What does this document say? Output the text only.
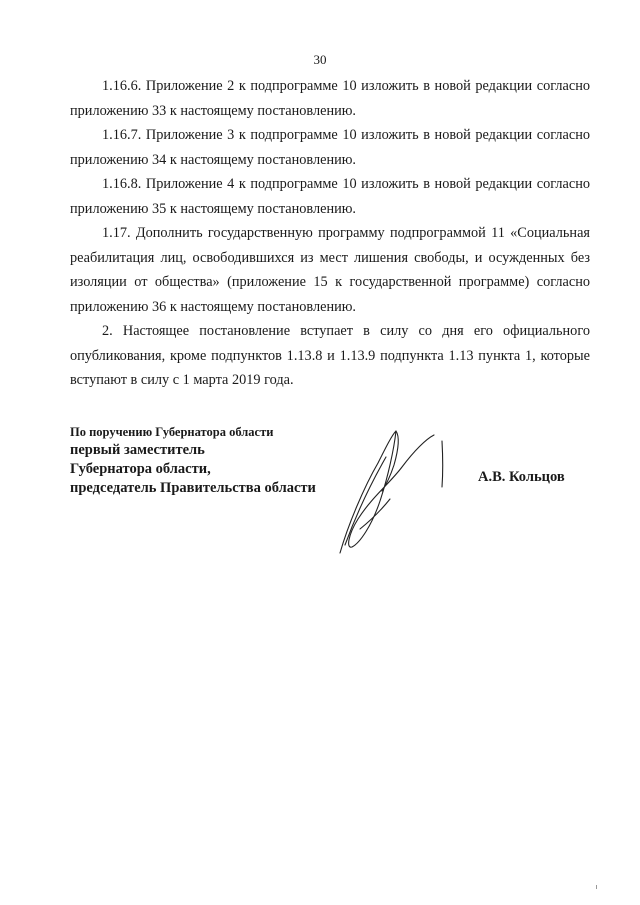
30

1.16.6. Приложение 2 к подпрограмме 10 изложить в новой редакции согласно приложению 33 к настоящему постановлению.

1.16.7. Приложение 3 к подпрограмме 10 изложить в новой редакции согласно приложению 34 к настоящему постановлению.

1.16.8. Приложение 4 к подпрограмме 10 изложить в новой редакции согласно приложению 35 к настоящему постановлению.

1.17. Дополнить государственную программу подпрограммой 11 «Социальная реабилитация лиц, освободившихся из мест лишения свободы, и осужденных без изоляции от общества» (приложение 15 к государственной программе) согласно приложению 36 к настоящему постановлению.

2. Настоящее постановление вступает в силу со дня его официального опубликования, кроме подпунктов 1.13.8 и 1.13.9 подпункта 1.13 пункта 1, которые вступают в силу с 1 марта 2019 года.

По поручению Губернатора области
первый заместитель
Губернатора области,
председатель Правительства области
А.В. Кольцов
